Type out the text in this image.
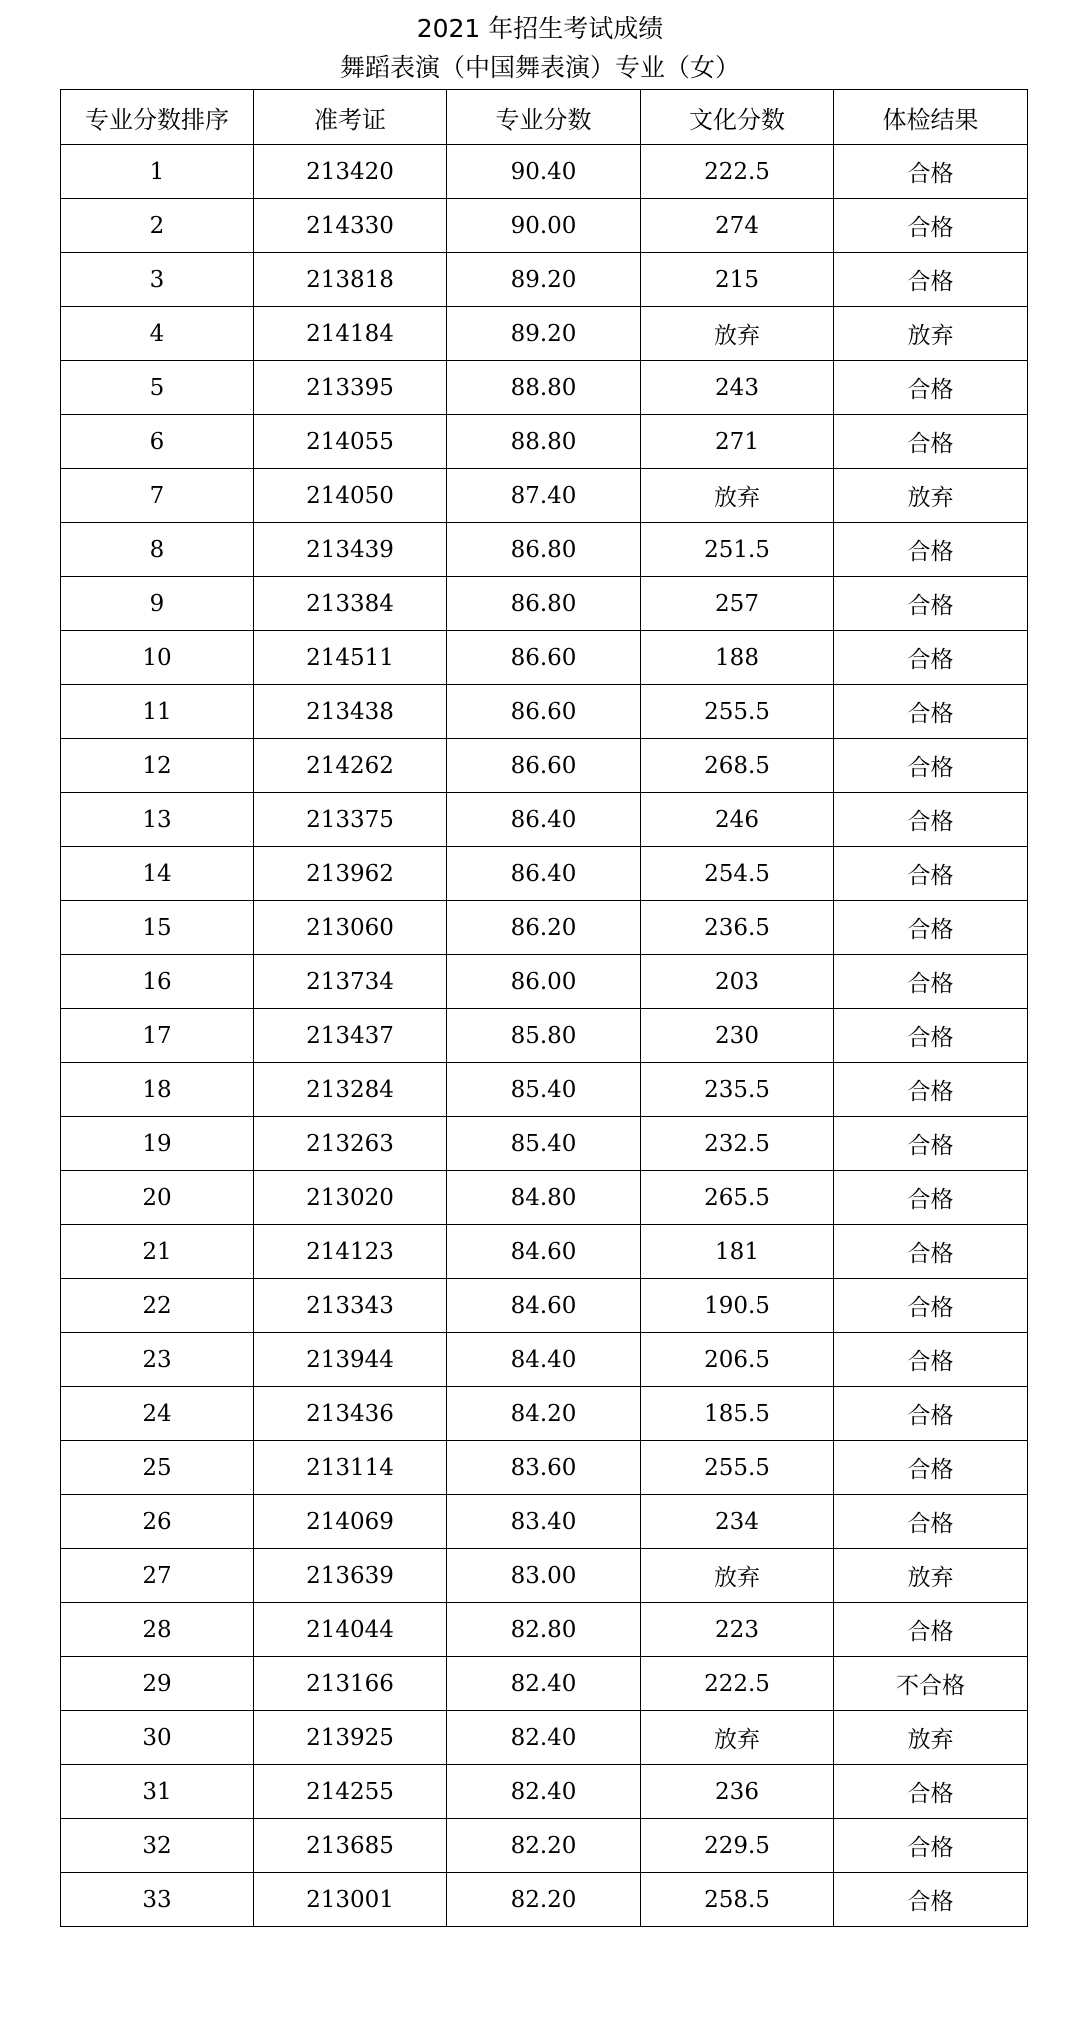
2021 年招生考试成绩
舞蹈表演（中国舞表演）专业（女）
专业分数排序	准考证	专业分数	文化分数	体检结果
1	213420	90.40	222.5	合格
2	214330	90.00	274	合格
3	213818	89.20	215	合格
4	214184	89.20	放弃	放弃
5	213395	88.80	243	合格
6	214055	88.80	271	合格
7	214050	87.40	放弃	放弃
8	213439	86.80	251.5	合格
9	213384	86.80	257	合格
10	214511	86.60	188	合格
11	213438	86.60	255.5	合格
12	214262	86.60	268.5	合格
13	213375	86.40	246	合格
14	213962	86.40	254.5	合格
15	213060	86.20	236.5	合格
16	213734	86.00	203	合格
17	213437	85.80	230	合格
18	213284	85.40	235.5	合格
19	213263	85.40	232.5	合格
20	213020	84.80	265.5	合格
21	214123	84.60	181	合格
22	213343	84.60	190.5	合格
23	213944	84.40	206.5	合格
24	213436	84.20	185.5	合格
25	213114	83.60	255.5	合格
26	214069	83.40	234	合格
27	213639	83.00	放弃	放弃
28	214044	82.80	223	合格
29	213166	82.40	222.5	不合格
30	213925	82.40	放弃	放弃
31	214255	82.40	236	合格
32	213685	82.20	229.5	合格
33	213001	82.20	258.5	合格
